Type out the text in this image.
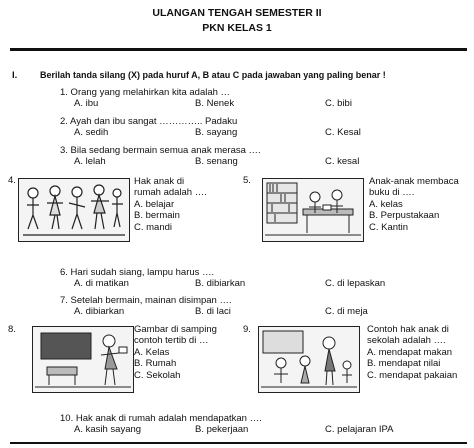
ULANGAN TENGAH SEMESTER II
PKN KELAS 1
I.	Berilah tanda silang (X) pada huruf A, B atau C pada jawaban yang paling benar !
1. Orang yang melahirkan kita adalah …
A. ibu	B. Nenek	C. bibi
2. Ayah dan ibu sangat ………….. Padaku
A. sedih	B. sayang	C. Kesal
3. Bila sedang bermain semua anak merasa ….
A. lelah	B. senang	C. kesal
4.	Hak anak di
rumah adalah ….
A. belajar
B. bermain
C. mandi
5.	Anak-anak membaca
buku di ….
A. kelas
B. Perpustakaan
C. Kantin
6. Hari sudah siang, lampu harus ….
A. di matikan	B. dibiarkan	C. di lepaskan
7. Setelah bermain, mainan disimpan ….
A. dibiarkan	B. di laci	C. di meja
8.	Gambar di samping
contoh tertib di …
A. Kelas
B. Rumah
C. Sekolah
9.	Contoh hak anak di
sekolah adalah ….
A. mendapat makan
B. mendapat nilai
C. mendapat pakaian
10. Hak anak di rumah adalah mendapatkan ….
A. kasih sayang	B. pekerjaan	C. pelajaran IPA
